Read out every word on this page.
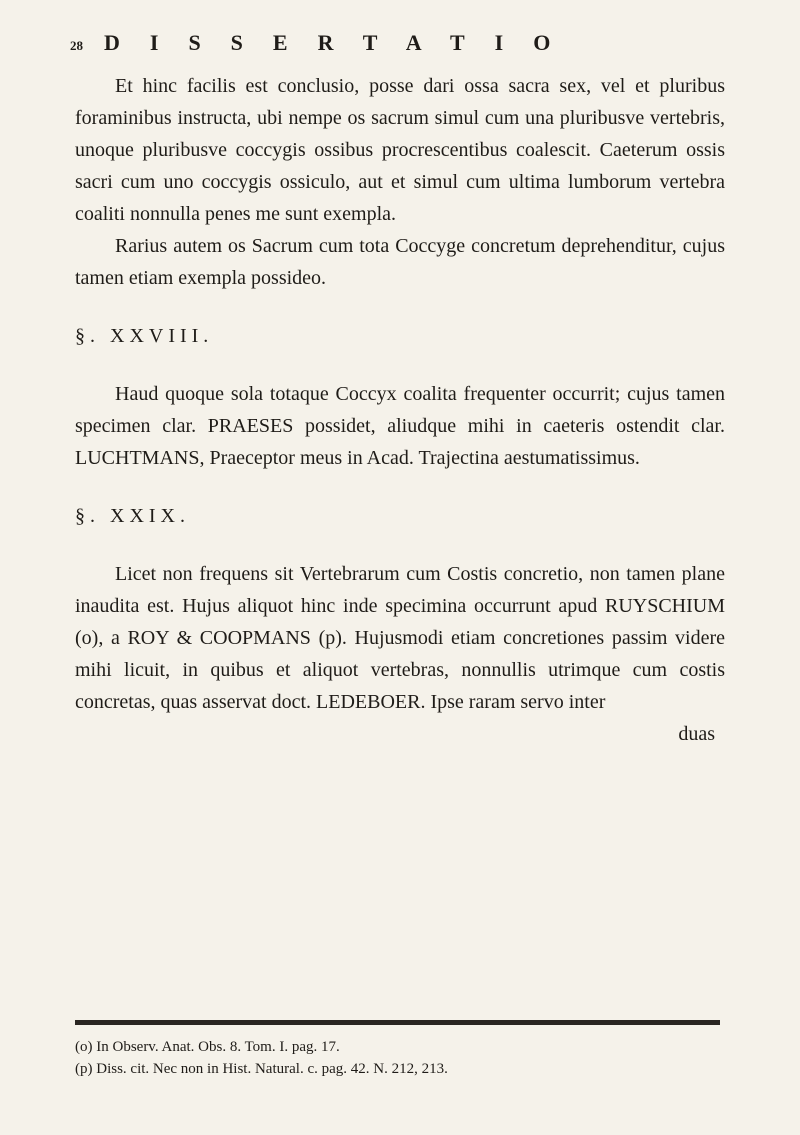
28 DISSERTATIO

Et hinc facilis est conclusio, posse dari ossa sacra sex, vel et pluribus foraminibus instructa, ubi nempe os sacrum simul cum una pluribusve vertebris, unoque pluribusve coccygis ossibus procrescentibus coalescit. Caeterum ossis sacri cum uno coccygis ossiculo, aut et simul cum ultima lumborum vertebra coaliti nonnulla penes me sunt exempla.

Rarius autem os Sacrum cum tota Coccyge concretum deprehenditur, cujus tamen etiam exempla possideo.

§. XXVIII.

Haud quoque sola totaque Coccyx coalita frequenter occurrit; cujus tamen specimen clar. PRAESES possidet, aliudque mihi in caeteris ostendit clar. LUCHTMANS, Praeceptor meus in Acad. Trajectina aestumatissimus.

§. XXIX.

Licet non frequens sit Vertebrarum cum Costis concretio, non tamen plane inaudita est. Hujus aliquot hinc inde specimina occurrunt apud RUYSCHIUM (o), a ROY & COOPMANS (p). Hujusmodi etiam concretiones passim videre mihi licuit, in quibus et aliquot vertebras, nonnullis utrimque cum costis concretas, quas asservat doct. LEDEBOER. Ipse raram servo inter

duas

(o) In Observ. Anat. Obs. 8. Tom. I. pag. 17.

(p) Diss. cit. Nec non in Hist. Natural. c. pag. 42. N. 212, 213.
